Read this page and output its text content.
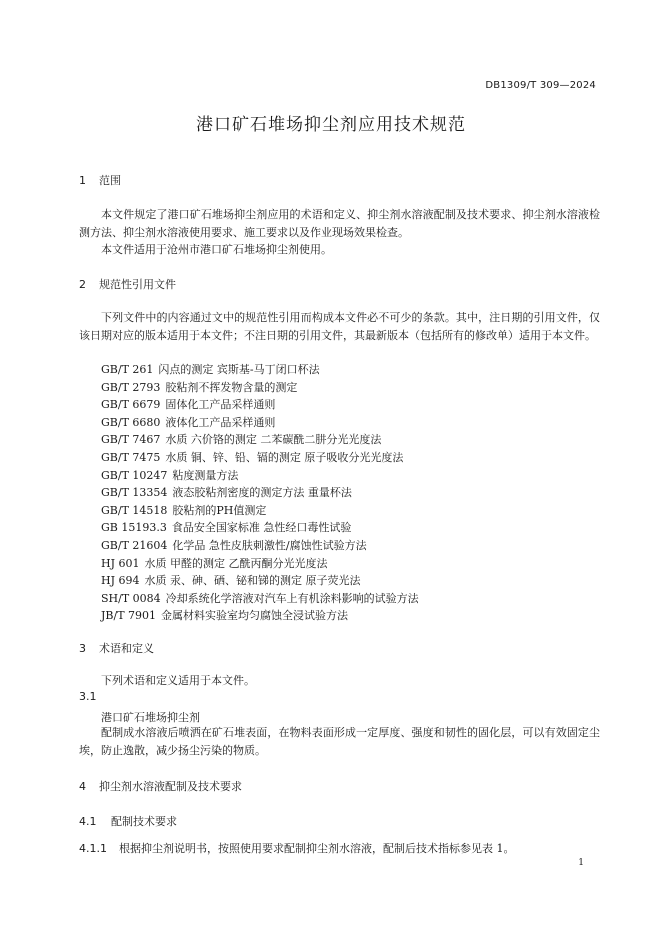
DB1309/T 309—2024
港口矿石堆场抑尘剂应用技术规范
1 范围
本文件规定了港口矿石堆场抑尘剂应用的术语和定义、抑尘剂水溶液配制及技术要求、抑尘剂水溶液检测方法、抑尘剂水溶液使用要求、施工要求以及作业现场效果检查。
本文件适用于沧州市港口矿石堆场抑尘剂使用。
2 规范性引用文件
下列文件中的内容通过文中的规范性引用而构成本文件必不可少的条款。其中，注日期的引用文件，仅该日期对应的版本适用于本文件；不注日期的引用文件，其最新版本（包括所有的修改单）适用于本文件。
GB/T 261 闪点的测定 宾斯基-马丁闭口杯法
GB/T 2793 胶粘剂不挥发物含量的测定
GB/T 6679 固体化工产品采样通则
GB/T 6680 液体化工产品采样通则
GB/T 7467 水质 六价铬的测定 二苯碳酰二肼分光光度法
GB/T 7475 水质 铜、锌、铅、镉的测定 原子吸收分光光度法
GB/T 10247 粘度测量方法
GB/T 13354 液态胶粘剂密度的测定方法 重量杯法
GB/T 14518 胶粘剂的PH值测定
GB 15193.3 食品安全国家标准 急性经口毒性试验
GB/T 21604 化学品 急性皮肤刺激性/腐蚀性试验方法
HJ 601 水质 甲醛的测定 乙酰丙酮分光光度法
HJ 694 水质 汞、砷、硒、铋和锑的测定 原子荧光法
SH/T 0084 冷却系统化学溶液对汽车上有机涂料影响的试验方法
JB/T 7901 金属材料实验室均匀腐蚀全浸试验方法
3 术语和定义
下列术语和定义适用于本文件。
3.1
港口矿石堆场抑尘剂
配制成水溶液后喷洒在矿石堆表面，在物料表面形成一定厚度、强度和韧性的固化层，可以有效固定尘埃，防止逸散，减少扬尘污染的物质。
4 抑尘剂水溶液配制及技术要求
4.1 配制技术要求
4.1.1 根据抑尘剂说明书，按照使用要求配制抑尘剂水溶液，配制后技术指标参见表 1。
1
